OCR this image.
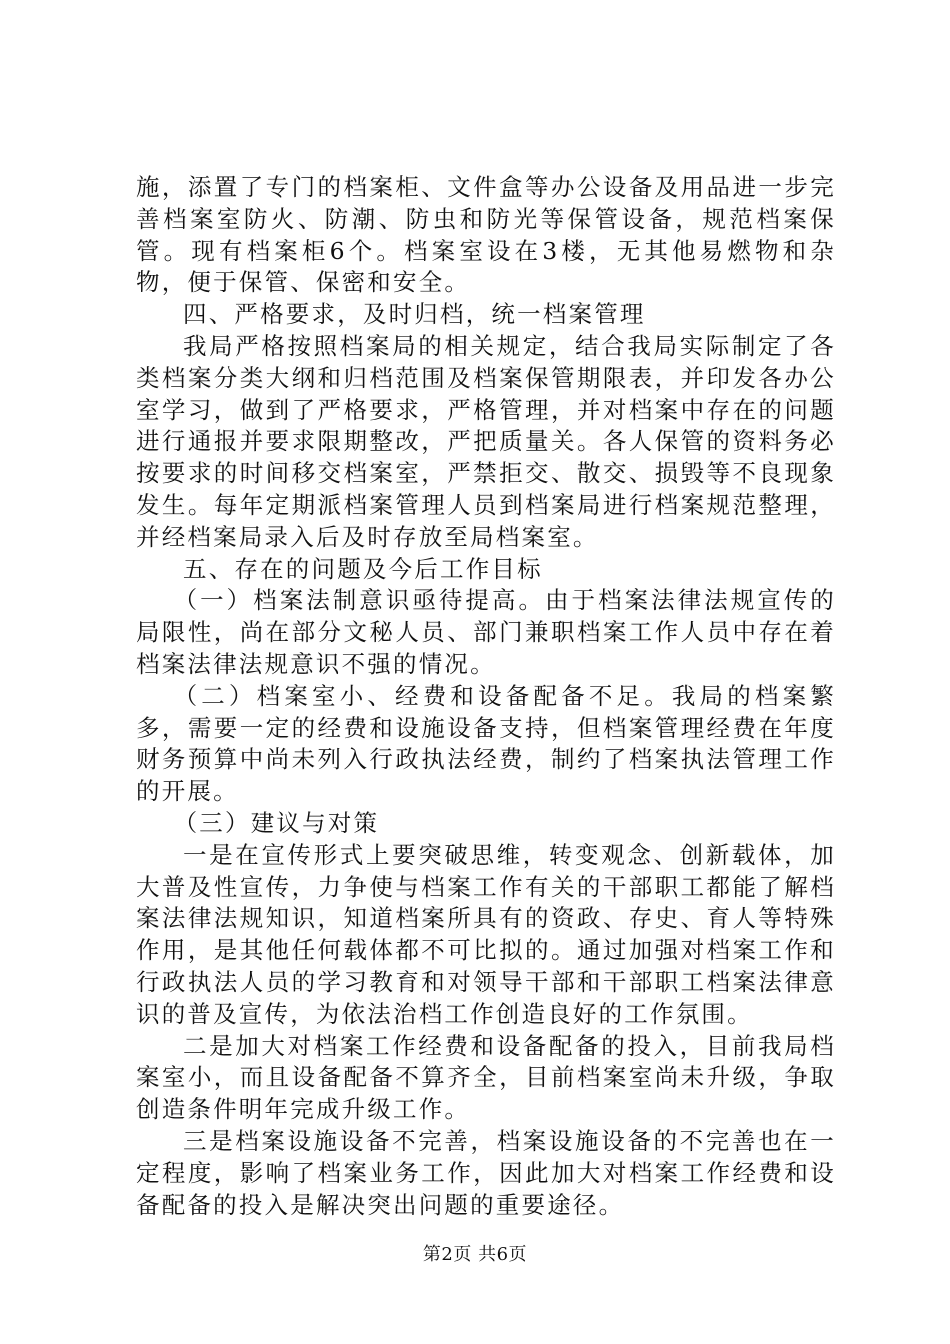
施，添置了专门的档案柜、文件盒等办公设备及用品进一步完善档案室防火、防潮、防虫和防光等保管设备，规范档案保管。现有档案柜6个。档案室设在3楼，无其他易燃物和杂物，便于保管、保密和安全。

四、严格要求，及时归档，统一档案管理

我局严格按照档案局的相关规定，结合我局实际制定了各类档案分类大纲和归档范围及档案保管期限表，并印发各办公室学习，做到了严格要求，严格管理，并对档案中存在的问题进行通报并要求限期整改，严把质量关。各人保管的资料务必按要求的时间移交档案室，严禁拒交、散交、损毁等不良现象发生。每年定期派档案管理人员到档案局进行档案规范整理，并经档案局录入后及时存放至局档案室。

五、存在的问题及今后工作目标

（一）档案法制意识亟待提高。由于档案法律法规宣传的局限性，尚在部分文秘人员、部门兼职档案工作人员中存在着档案法律法规意识不强的情况。

（二）档案室小、经费和设备配备不足。我局的档案繁多，需要一定的经费和设施设备支持，但档案管理经费在年度财务预算中尚未列入行政执法经费，制约了档案执法管理工作的开展。

（三）建议与对策

一是在宣传形式上要突破思维，转变观念、创新载体，加大普及性宣传，力争使与档案工作有关的干部职工都能了解档案法律法规知识，知道档案所具有的资政、存史、育人等特殊作用，是其他任何载体都不可比拟的。通过加强对档案工作和行政执法人员的学习教育和对领导干部和干部职工档案法律意识的普及宣传，为依法治档工作创造良好的工作氛围。

二是加大对档案工作经费和设备配备的投入，目前我局档案室小，而且设备配备不算齐全，目前档案室尚未升级，争取创造条件明年完成升级工作。

三是档案设施设备不完善，档案设施设备的不完善也在一定程度，影响了档案业务工作，因此加大对档案工作经费和设备配备的投入是解决突出问题的重要途径。

第2页 共6页
